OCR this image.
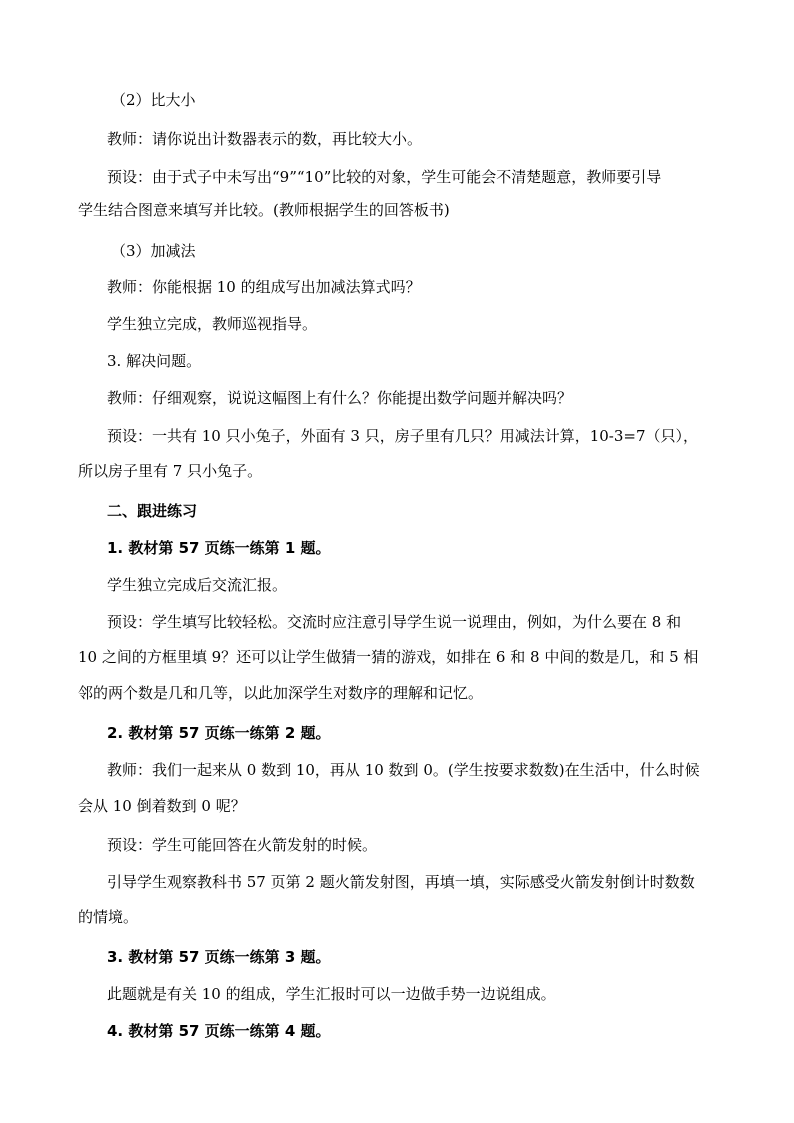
（2）比大小
教师：请你说出计数器表示的数，再比较大小。
预设：由于式子中未写出“9”“10”比较的对象，学生可能会不清楚题意，教师要引导
学生结合图意来填写并比较。(教师根据学生的回答板书)
（3）加减法
教师：你能根据 10 的组成写出加减法算式吗？
学生独立完成，教师巡视指导。
3. 解决问题。
教师：仔细观察，说说这幅图上有什么？你能提出数学问题并解决吗？
预设：一共有 10 只小兔子，外面有 3 只，房子里有几只？用减法计算，10-3=7（只），
所以房子里有 7 只小兔子。
二、跟进练习
1. 教材第 57 页练一练第 1 题。
学生独立完成后交流汇报。
预设：学生填写比较轻松。交流时应注意引导学生说一说理由，例如，为什么要在 8 和
10 之间的方框里填 9？还可以让学生做猜一猜的游戏，如排在 6 和 8 中间的数是几，和 5 相
邻的两个数是几和几等，以此加深学生对数序的理解和记忆。
2. 教材第 57 页练一练第 2 题。
教师：我们一起来从 0 数到 10，再从 10 数到 0。(学生按要求数数)在生活中，什么时候
会从 10 倒着数到 0 呢？
预设：学生可能回答在火箭发射的时候。
引导学生观察教科书 57 页第 2 题火箭发射图，再填一填，实际感受火箭发射倒计时数数
的情境。
3. 教材第 57 页练一练第 3 题。
此题就是有关 10 的组成，学生汇报时可以一边做手势一边说组成。
4. 教材第 57 页练一练第 4 题。
